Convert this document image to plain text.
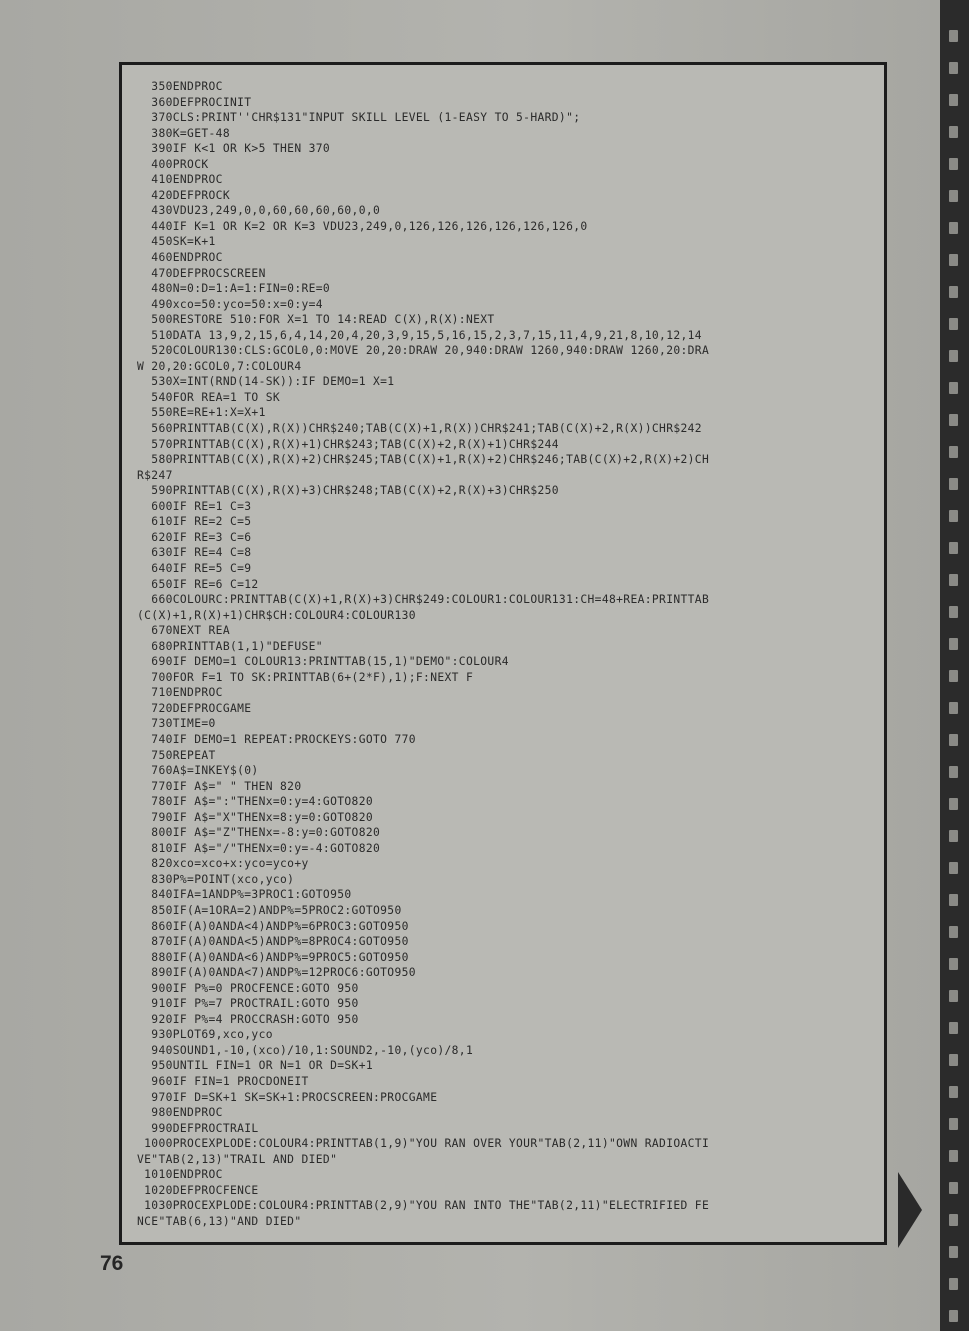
350ENDPROC
360DEFPROCINIT
370CLS:PRINT''CHR$131"INPUT SKILL LEVEL (1-EASY TO 5-HARD)";
380K=GET-48
390IF K<1 OR K>5 THEN 370
400PROCK
410ENDPROC
420DEFPROCK
430VDU23,249,0,0,60,60,60,60,0,0
440IF K=1 OR K=2 OR K=3 VDU23,249,0,126,126,126,126,126,126,0
450SK=K+1
460ENDPROC
470DEFPROCSCREEN
480N=0:D=1:A=1:FIN=0:RE=0
490xco=50:yco=50:x=0:y=4
500RESTORE 510:FOR X=1 TO 14:READ C(X),R(X):NEXT
510DATA 13,9,2,15,6,4,14,20,4,20,3,9,15,5,16,15,2,3,7,15,11,4,9,21,8,10,12,14
520COLOUR130:CLS:GCOL0,0:MOVE 20,20:DRAW 20,940:DRAW 1260,940:DRAW 1260,20:DRA
W 20,20:GCOL0,7:COLOUR4
530X=INT(RND(14-SK)):IF DEMO=1 X=1
540FOR REA=1 TO SK
550RE=RE+1:X=X+1
560PRINTTAB(C(X),R(X))CHR$240;TAB(C(X)+1,R(X))CHR$241;TAB(C(X)+2,R(X))CHR$242
570PRINTTAB(C(X),R(X)+1)CHR$243;TAB(C(X)+2,R(X)+1)CHR$244
580PRINTTAB(C(X),R(X)+2)CHR$245;TAB(C(X)+1,R(X)+2)CHR$246;TAB(C(X)+2,R(X)+2)CH
R$247
590PRINTTAB(C(X),R(X)+3)CHR$248;TAB(C(X)+2,R(X)+3)CHR$250
600IF RE=1 C=3
610IF RE=2 C=5
620IF RE=3 C=6
630IF RE=4 C=8
640IF RE=5 C=9
650IF RE=6 C=12
660COLOURC:PRINTTAB(C(X)+1,R(X)+3)CHR$249:COLOUR1:COLOUR131:CH=48+REA:PRINTTAB
(C(X)+1,R(X)+1)CHR$CH:COLOUR4:COLOUR130
670NEXT REA
680PRINTTAB(1,1)"DEFUSE"
690IF DEMO=1 COLOUR13:PRINTTAB(15,1)"DEMO":COLOUR4
700FOR F=1 TO SK:PRINTTAB(6+(2*F),1);F:NEXT F
710ENDPROC
720DEFPROCGAME
730TIME=0
740IF DEMO=1 REPEAT:PROCKEYS:GOTO 770
750REPEAT
760A$=INKEY$(0)
770IF A$=" " THEN 820
780IF A$=":"THENx=0:y=4:GOTO820
790IF A$="X"THENx=8:y=0:GOTO820
800IF A$="Z"THENx=-8:y=0:GOTO820
810IF A$="/"THENx=0:y=-4:GOTO820
820xco=xco+x:yco=yco+y
830P%=POINT(xco,yco)
840IFA=1ANDP%=3PROC1:GOTO950
850IF(A=1ORA=2)ANDP%=5PROC2:GOTO950
860IF(A)0ANDA<4)ANDP%=6PROC3:GOTO950
870IF(A)0ANDA<5)ANDP%=8PROC4:GOTO950
880IF(A)0ANDA<6)ANDP%=9PROC5:GOTO950
890IF(A)0ANDA<7)ANDP%=12PROC6:GOTO950
900IF P%=0 PROCFENCE:GOTO 950
910IF P%=7 PROCTRAIL:GOTO 950
920IF P%=4 PROCCRASH:GOTO 950
930PLOT69,xco,yco
940SOUND1,-10,(xco)/10,1:SOUND2,-10,(yco)/8,1
950UNTIL FIN=1 OR N=1 OR D=SK+1
960IF FIN=1 PROCDONEIT
970IF D=SK+1 SK=SK+1:PROCSCREEN:PROCGAME
980ENDPROC
990DEFPROCTRAIL
1000PROCEXPLODE:COLOUR4:PRINTTAB(1,9)"YOU RAN OVER YOUR"TAB(2,11)"OWN RADIOACTI
VE"TAB(2,13)"TRAIL AND DIED"
1010ENDPROC
1020DEFPROCFENCE
1030PROCEXPLODE:COLOUR4:PRINTTAB(2,9)"YOU RAN INTO THE"TAB(2,11)"ELECTRIFIED FE
NCE"TAB(6,13)"AND DIED"
76
